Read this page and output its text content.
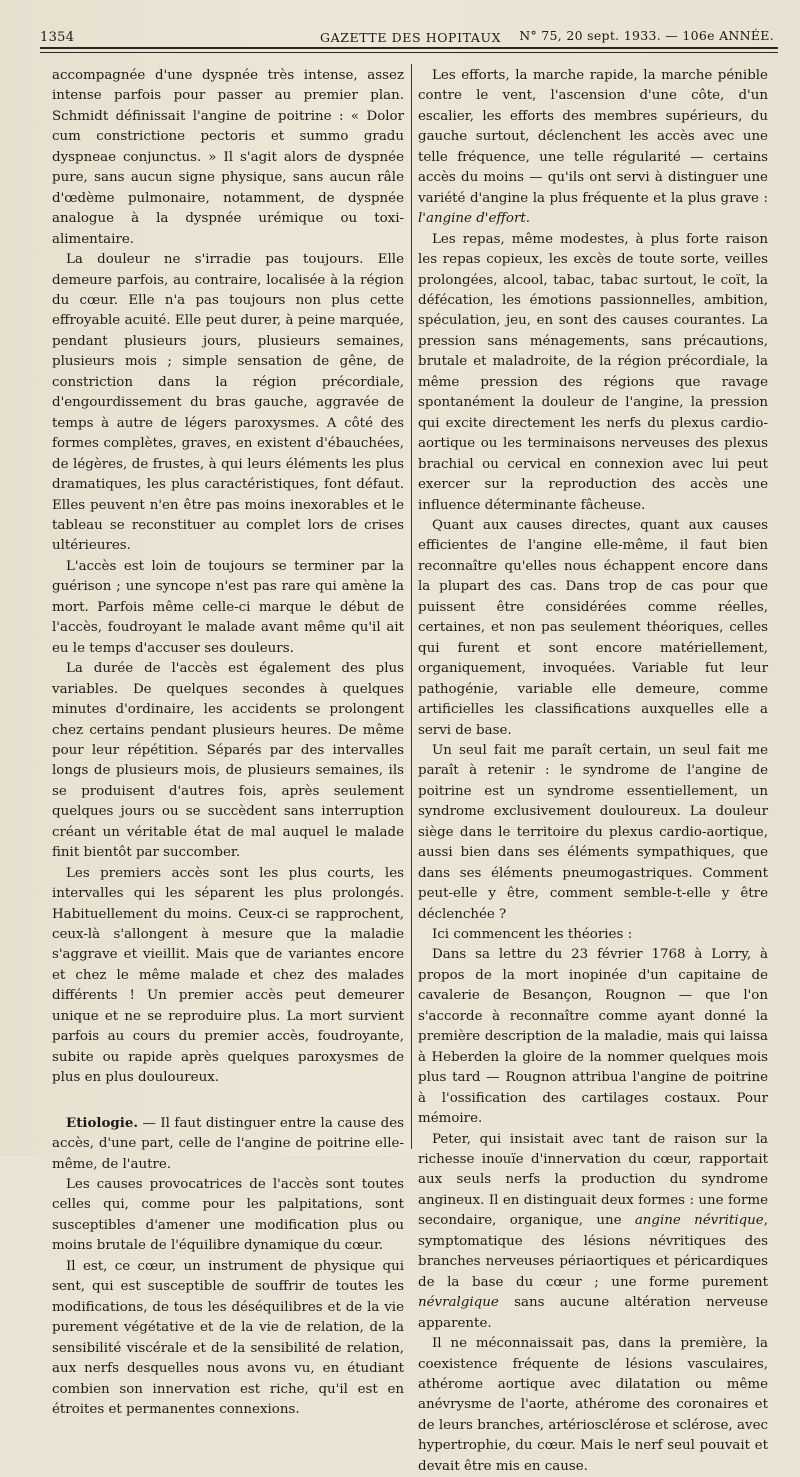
1354	GAZETTE DES HOPITAUX N° 75, 20 sept. 1933. — 106e ANNÉE.

accompagnée d'une dyspnée très intense, assez intense parfois pour passer au premier plan. Schmidt définissait l'angine de poitrine : « Dolor cum constrictione pectoris et summo gradu dyspneae conjunctus. » Il s'agit alors de dyspnée pure, sans aucun signe physique, sans aucun râle d'œdème pulmonaire, notamment, de dyspnée analogue à la dyspnée urémique ou toxi-alimentaire.

La douleur ne s'irradie pas toujours. Elle demeure parfois, au contraire, localisée à la région du cœur. Elle n'a pas toujours non plus cette effroyable acuité. Elle peut durer, à peine marquée, pendant plusieurs jours, plusieurs semaines, plusieurs mois ; simple sensation de gêne, de constriction dans la région précordiale, d'engourdissement du bras gauche, aggravée de temps à autre de légers paroxysmes. A côté des formes complètes, graves, en existent d'ébauchées, de légères, de frustes, à qui leurs éléments les plus dramatiques, les plus caractéristiques, font défaut. Elles peuvent n'en être pas moins inexorables et le tableau se reconstituer au complet lors de crises ultérieures.

L'accès est loin de toujours se terminer par la guérison ; une syncope n'est pas rare qui amène la mort. Parfois même celle-ci marque le début de l'accès, foudroyant le malade avant même qu'il ait eu le temps d'accuser ses douleurs.

La durée de l'accès est également des plus variables. De quelques secondes à quelques minutes d'ordinaire, les accidents se prolongent chez certains pendant plusieurs heures. De même pour leur répétition. Séparés par des intervalles longs de plusieurs mois, de plusieurs semaines, ils se produisent d'autres fois, après seulement quelques jours ou se succèdent sans interruption créant un véritable état de mal auquel le malade finit bientôt par succomber.

Les premiers accès sont les plus courts, les intervalles qui les séparent les plus prolongés. Habituellement du moins. Ceux-ci se rapprochent, ceux-là s'allongent à mesure que la maladie s'aggrave et vieillit. Mais que de variantes encore et chez le même malade et chez des malades différents ! Un premier accès peut demeurer unique et ne se reproduire plus. La mort survient parfois au cours du premier accès, foudroyante, subite ou rapide après quelques paroxysmes de plus en plus douloureux.

Etiologie. — Il faut distinguer entre la cause des accès, d'une part, celle de l'angine de poitrine elle-même, de l'autre.

Les causes provocatrices de l'accès sont toutes celles qui, comme pour les palpitations, sont susceptibles d'amener une modification plus ou moins brutale de l'équilibre dynamique du cœur.

Il est, ce cœur, un instrument de physique qui sent, qui est susceptible de souffrir de toutes les modifications, de tous les déséquilibres et de la vie purement végétative et de la vie de relation, de la sensibilité viscérale et de la sensibilité de relation, aux nerfs desquelles nous avons vu, en étudiant combien son innervation est riche, qu'il est en étroites et permanentes connexions.

Les efforts, la marche rapide, la marche pénible contre le vent, l'ascension d'une côte, d'un escalier, les efforts des membres supérieurs, du gauche surtout, déclenchent les accès avec une telle fréquence, une telle régularité — certains accès du moins — qu'ils ont servi à distinguer une variété d'angine la plus fréquente et la plus grave : l'angine d'effort.

Les repas, même modestes, à plus forte raison les repas copieux, les excès de toute sorte, veilles prolongées, alcool, tabac, tabac surtout, le coït, la défécation, les émotions passionnelles, ambition, spéculation, jeu, en sont des causes courantes. La pression sans ménagements, sans précautions, brutale et maladroite, de la région précordiale, la même pression des régions que ravage spontanément la douleur de l'angine, la pression qui excite directement les nerfs du plexus cardio-aortique ou les terminaisons nerveuses des plexus brachial ou cervical en connexion avec lui peut exercer sur la reproduction des accès une influence déterminante fâcheuse.

Quant aux causes directes, quant aux causes efficientes de l'angine elle-même, il faut bien reconnaître qu'elles nous échappent encore dans la plupart des cas. Dans trop de cas pour que puissent être considérées comme réelles, certaines, et non pas seulement théoriques, celles qui furent et sont encore matériellement, organiquement, invoquées. Variable fut leur pathogénie, variable elle demeure, comme artificielles les classifications auxquelles elle a servi de base.

Un seul fait me paraît certain, un seul fait me paraît à retenir : le syndrome de l'angine de poitrine est un syndrome essentiellement, un syndrome exclusivement douloureux. La douleur siège dans le territoire du plexus cardio-aortique, aussi bien dans ses éléments sympathiques, que dans ses éléments pneumogastriques. Comment peut-elle y être, comment semble-t-elle y être déclenchée ?

Ici commencent les théories :

Dans sa lettre du 23 février 1768 à Lorry, à propos de la mort inopinée d'un capitaine de cavalerie de Besançon, Rougnon — que l'on s'accorde à reconnaître comme ayant donné la première description de la maladie, mais qui laissa à Heberden la gloire de la nommer quelques mois plus tard — Rougnon attribua l'angine de poitrine à l'ossification des cartilages costaux. Pour mémoire.

Peter, qui insistait avec tant de raison sur la richesse inouïe d'innervation du cœur, rapportait aux seuls nerfs la production du syndrome angineux. Il en distinguait deux formes : une forme secondaire, organique, une angine névritique, symptomatique des lésions névritiques des branches nerveuses périaortiques et péricardiques de la base du cœur ; une forme purement névralgique sans aucune altération nerveuse apparente.

Il ne méconnaissait pas, dans la première, la coexistence fréquente de lésions vasculaires, athérome aortique avec dilatation ou même anévrysme de l'aorte, athérome des coronaires et de leurs branches, artériosclérose et sclérose, avec hypertrophie, du cœur. Mais le nerf seul pouvait et devait être mis en cause.
